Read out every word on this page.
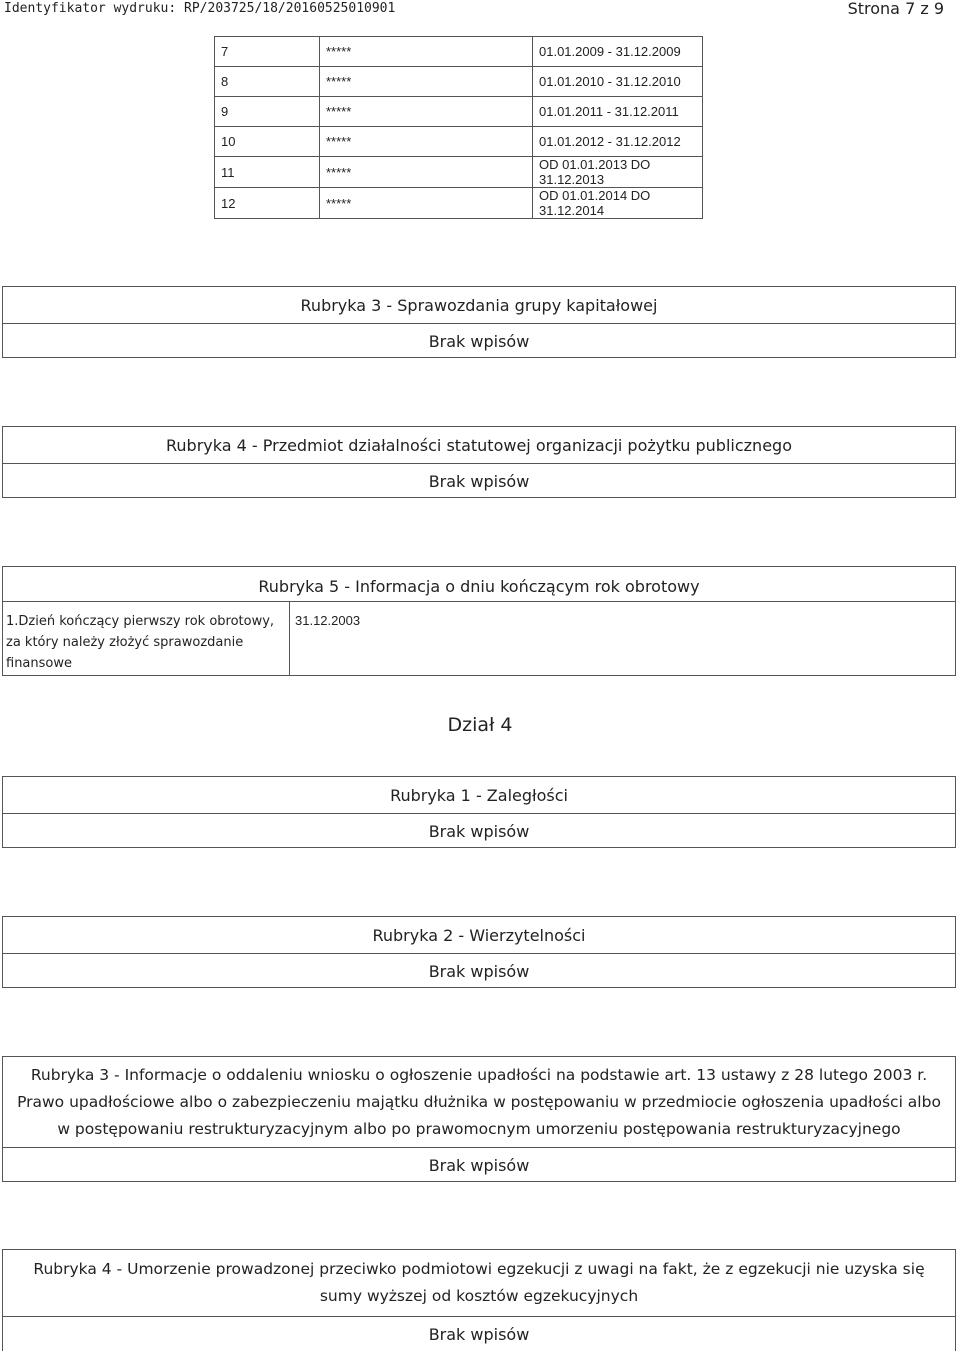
Identyfikator wydruku: RP/203725/18/20160525010901	Strona 7 z 9
7	*****	01.01.2009 - 31.12.2009
8	*****	01.01.2010 - 31.12.2010
9	*****	01.01.2011 - 31.12.2011
10	*****	01.01.2012 - 31.12.2012
11	*****	OD 01.01.2013 DO 31.12.2013
12	*****	OD 01.01.2014 DO 31.12.2014
Rubryka 3 - Sprawozdania grupy kapitałowej
Brak wpisów
Rubryka 4 - Przedmiot działalności statutowej organizacji pożytku publicznego
Brak wpisów
Rubryka 5 - Informacja o dniu kończącym rok obrotowy
1.Dzień kończący pierwszy rok obrotowy, za który należy złożyć sprawozdanie finansowe
31.12.2003
Dział 4
Rubryka 1 - Zaległości
Brak wpisów
Rubryka 2 - Wierzytelności
Brak wpisów
Rubryka 3 - Informacje o oddaleniu wniosku o ogłoszenie upadłości na podstawie art. 13 ustawy z 28 lutego 2003 r. Prawo upadłościowe albo o zabezpieczeniu majątku dłużnika w postępowaniu w przedmiocie ogłoszenia upadłości albo w postępowaniu restrukturyzacyjnym albo po prawomocnym umorzeniu postępowania restrukturyzacyjnego
Brak wpisów
Rubryka 4 - Umorzenie prowadzonej przeciwko podmiotowi egzekucji z uwagi na fakt, że z egzekucji nie uzyska się sumy wyższej od kosztów egzekucyjnych
Brak wpisów
